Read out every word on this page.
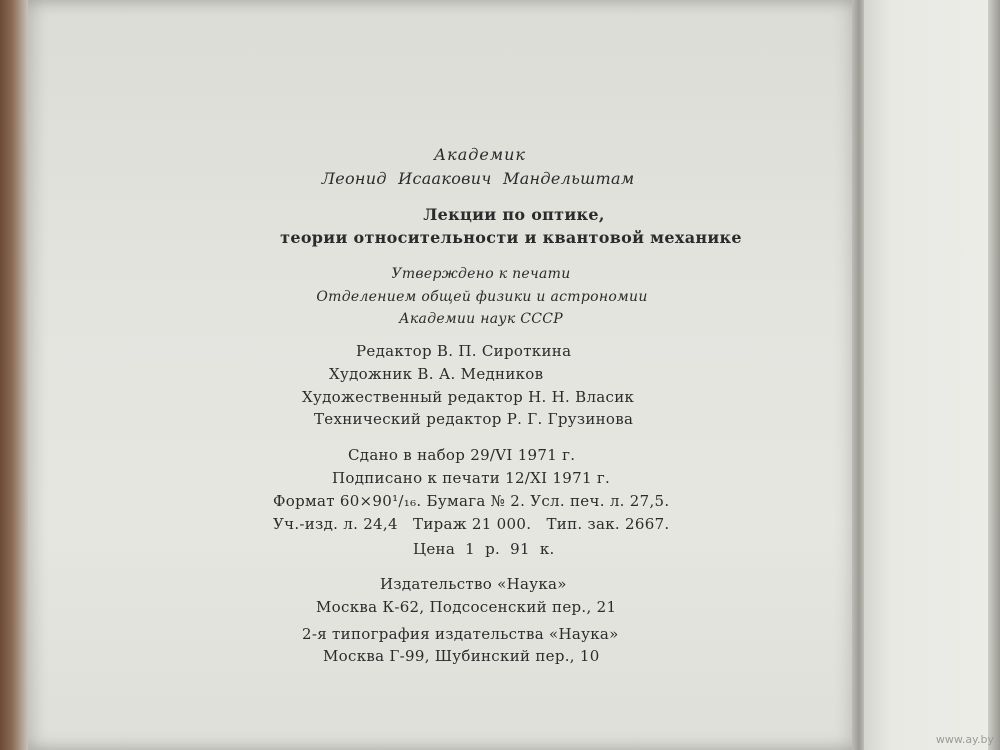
Академик
Леонид Исаакович Мандельштам
Лекции по оптике,
теории относительности и квантовой механике
Утверждено к печати
Отделением общей физики и астрономии
Академии наук СССР
Редактор В. П. Сироткина
Художник В. А. Медников
Художественный редактор Н. Н. Власик
Технический редактор Р. Г. Грузинова
Сдано в набор 29/VI 1971 г.
Подписано к печати 12/XI 1971 г.
Формат 60×90¹/₁₆. Бумага № 2. Усл. печ. л. 27,5.
Уч.-изд. л. 24,4   Тираж 21 000.   Тип. зак. 2667.
Цена 1 р. 91 к.
Издательство «Наука»
Москва К-62, Подсосенский пер., 21
2-я типография издательства «Наука»
Москва Г-99, Шубинский пер., 10
www.ay.by
